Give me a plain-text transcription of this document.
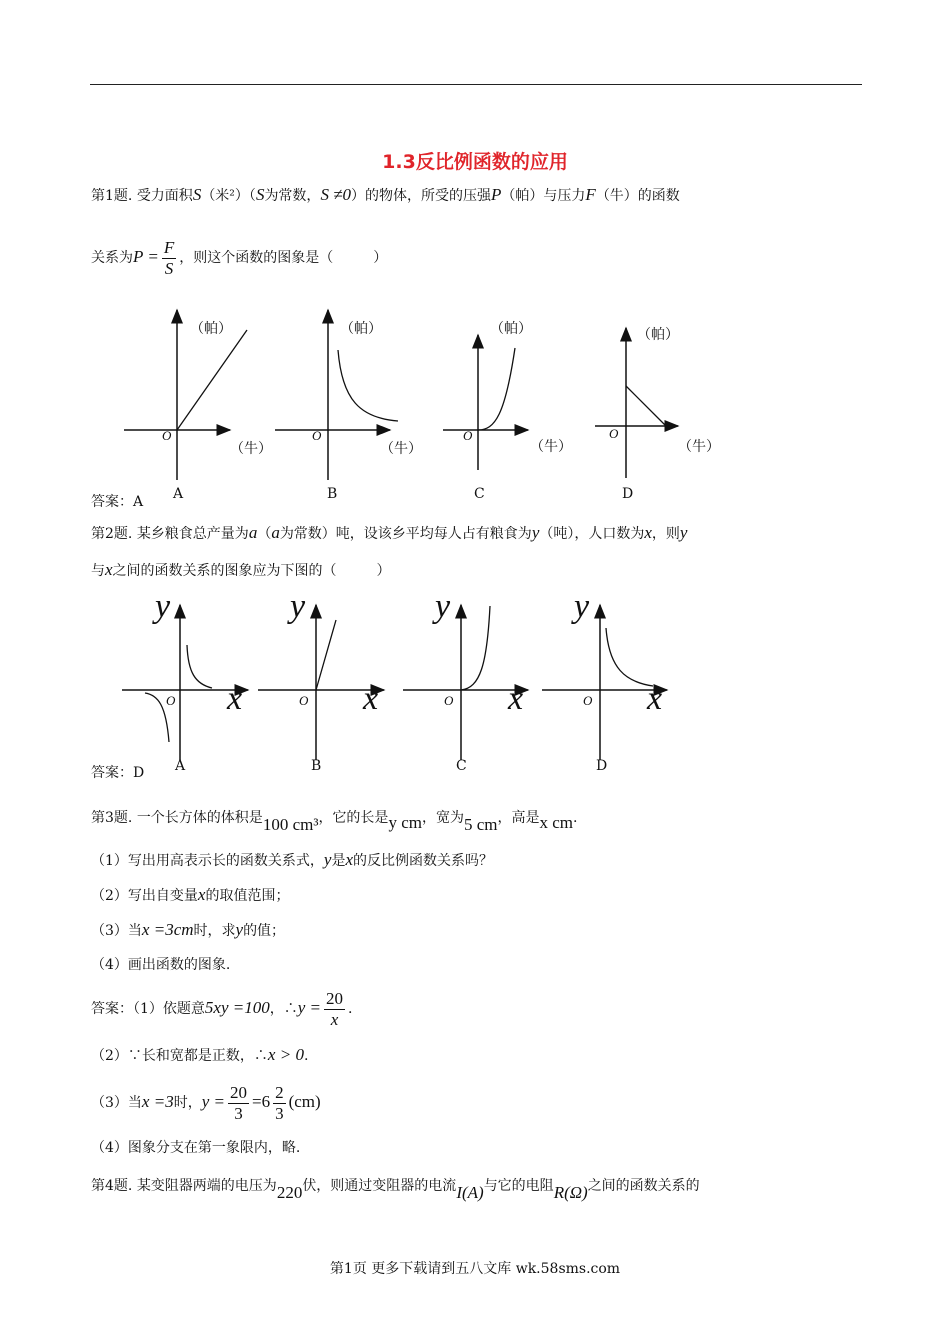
1.3反比例函数的应用
第1题. 受力面积S（米²）（S为常数，S ≠0）的物体，所受的压强P（帕）与压力F（牛）的函数
关系为$P = \frac{F}{S}$ ，则这个函数的图象是（	）
（帕）	（帕）	（帕）	（帕）
（牛）	（牛）	（牛）	（牛）
O	O	O	O
A	B	C	D
答案：A
第2题. 某乡粮食总产量为a（a为常数）吨，设该乡平均每人占有粮食为y（吨），人口数为x，则y
与x之间的函数关系的图象应为下图的（	）
y	y	y	y
x	x	x	x
O	O	O	O
A	B	C	D
答案：D
第3题. 一个长方体的体积是100 cm³，它的长是y cm，宽为5 cm，高是x cm.
（1）写出用高表示长的函数关系式，y是x的反比例函数关系吗？
（2）写出自变量x的取值范围；
（3）当x =3cm时，求y的值；
（4）画出函数的图象.
答案：（1）依题意5xy =100，∴y = $\frac{20}{x}$ .
（2）∵长和宽都是正数，∴x > 0.
（3）当x =3时，$y = \frac{20}{3} =6 \frac{2}{3} (cm)$
（4）图象分支在第一象限内，略.
第4题. 某变阻器两端的电压为220伏，则通过变阻器的电流I(A)与它的电阻R(Ω)之间的函数关系的
第1页 更多下载请到五八文库 wk.58sms.com
